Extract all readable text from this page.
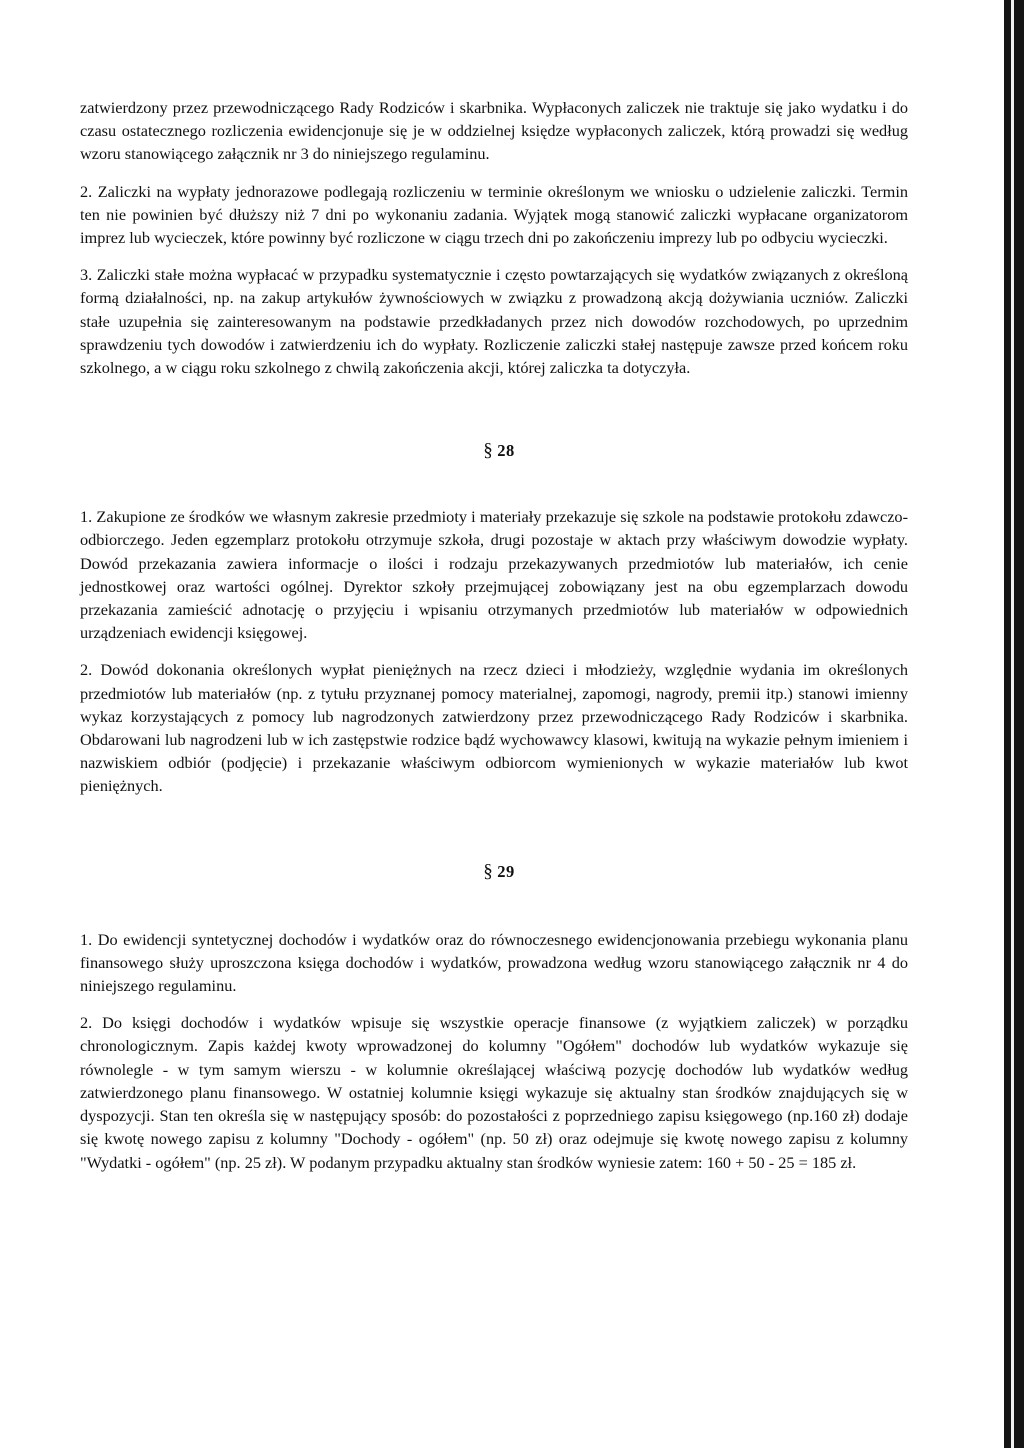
zatwierdzony przez przewodniczącego Rady Rodziców i skarbnika. Wypłaconych zaliczek nie traktuje się jako wydatku i do czasu ostatecznego rozliczenia ewidencjonuje się je w oddzielnej księdze wypłaconych zaliczek, którą prowadzi się według wzoru stanowiącego załącznik nr 3 do niniejszego regulaminu.

2. Zaliczki na wypłaty jednorazowe podlegają rozliczeniu w terminie określonym we wniosku o udzielenie zaliczki. Termin ten nie powinien być dłuższy niż 7 dni po wykonaniu zadania. Wyjątek mogą stanowić zaliczki wypłacane organizatorom imprez lub wycieczek, które powinny być rozliczone w ciągu trzech dni po zakończeniu imprezy lub po odbyciu wycieczki.

3. Zaliczki stałe można wypłacać w przypadku systematycznie i często powtarzających się wydatków związanych z określoną formą działalności, np. na zakup artykułów żywnościowych w związku z prowadzoną akcją dożywiania uczniów. Zaliczki stałe uzupełnia się zainteresowanym na podstawie przedkładanych przez nich dowodów rozchodowych, po uprzednim sprawdzeniu tych dowodów i zatwierdzeniu ich do wypłaty. Rozliczenie zaliczki stałej następuje zawsze przed końcem roku szkolnego, a w ciągu roku szkolnego z chwilą zakończenia akcji, której zaliczka ta dotyczyła.

§ 28

1. Zakupione ze środków we własnym zakresie przedmioty i materiały przekazuje się szkole na podstawie protokołu zdawczo-odbiorczego. Jeden egzemplarz protokołu otrzymuje szkoła, drugi pozostaje w aktach przy właściwym dowodzie wypłaty. Dowód przekazania zawiera informacje o ilości i rodzaju przekazywanych przedmiotów lub materiałów, ich cenie jednostkowej oraz wartości ogólnej. Dyrektor szkoły przejmującej zobowiązany jest na obu egzemplarzach dowodu przekazania zamieścić adnotację o przyjęciu i wpisaniu otrzymanych przedmiotów lub materiałów w odpowiednich urządzeniach ewidencji księgowej.

2. Dowód dokonania określonych wypłat pieniężnych na rzecz dzieci i młodzieży, względnie wydania im określonych przedmiotów lub materiałów (np. z tytułu przyznanej pomocy materialnej, zapomogi, nagrody, premii itp.) stanowi imienny wykaz korzystających z pomocy lub nagrodzonych zatwierdzony przez przewodniczącego Rady Rodziców i skarbnika. Obdarowani lub nagrodzeni lub w ich zastępstwie rodzice bądź wychowawcy klasowi, kwitują na wykazie pełnym imieniem i nazwiskiem odbiór (podjęcie) i przekazanie właściwym odbiorcom wymienionych w wykazie materiałów lub kwot pieniężnych.

§ 29

1. Do ewidencji syntetycznej dochodów i wydatków oraz do równoczesnego ewidencjonowania przebiegu wykonania planu finansowego służy uproszczona księga dochodów i wydatków, prowadzona według wzoru stanowiącego załącznik nr 4 do niniejszego regulaminu.

2. Do księgi dochodów i wydatków wpisuje się wszystkie operacje finansowe (z wyjątkiem zaliczek) w porządku chronologicznym. Zapis każdej kwoty wprowadzonej do kolumny "Ogółem" dochodów lub wydatków wykazuje się równolegle - w tym samym wierszu - w kolumnie określającej właściwą pozycję dochodów lub wydatków według zatwierdzonego planu finansowego. W ostatniej kolumnie księgi wykazuje się aktualny stan środków znajdujących się w dyspozycji. Stan ten określa się w następujący sposób: do pozostałości z poprzedniego zapisu księgowego (np.160 zł) dodaje się kwotę nowego zapisu z kolumny "Dochody - ogółem" (np. 50 zł) oraz odejmuje się kwotę nowego zapisu z kolumny "Wydatki - ogółem" (np. 25 zł). W podanym przypadku aktualny stan środków wyniesie zatem: 160 + 50 - 25 = 185 zł.
